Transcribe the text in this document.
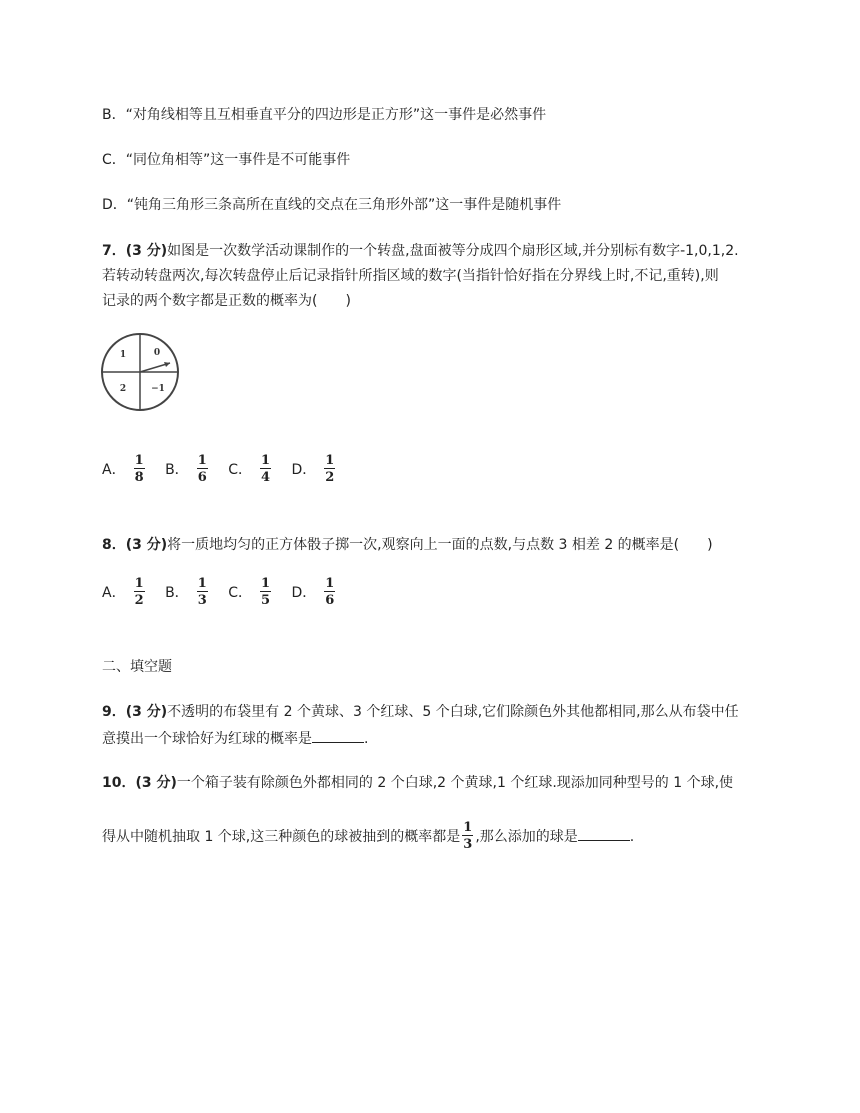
B．“对角线相等且互相垂直平分的四边形是正方形”这一事件是必然事件
C．“同位角相等”这一事件是不可能事件
D．“钝角三角形三条高所在直线的交点在三角形外部”这一事件是随机事件
7．(3 分)如图是一次数学活动课制作的一个转盘,盘面被等分成四个扇形区域,并分别标有数字-1,0,1,2.
若转动转盘两次,每次转盘停止后记录指针所指区域的数字(当指针恰好指在分界线上时,不记,重转),则
记录的两个数字都是正数的概率为(　　)
1	0
2	−1
A． $\frac{1}{8}$
B． $\frac{1}{6}$
C． $\frac{1}{4}$
D． $\frac{1}{2}$
8．(3 分)将一质地均匀的正方体骰子掷一次,观察向上一面的点数,与点数 3 相差 2 的概率是(　　)
A． $\frac{1}{2}$
B． $\frac{1}{3}$
C． $\frac{1}{5}$
D． $\frac{1}{6}$
二、填空题
9．(3 分)不透明的布袋里有 2 个黄球、3 个红球、5 个白球,它们除颜色外其他都相同,那么从布袋中任
意摸出一个球恰好为红球的概率是	.
10．(3 分)一个箱子装有除颜色外都相同的 2 个白球,2 个黄球,1 个红球.现添加同种型号的 1 个球,使
得从中随机抽取 1 个球,这三种颜色的球被抽到的概率都是 $\frac{1}{3}$ ,那么添加的球是	.
